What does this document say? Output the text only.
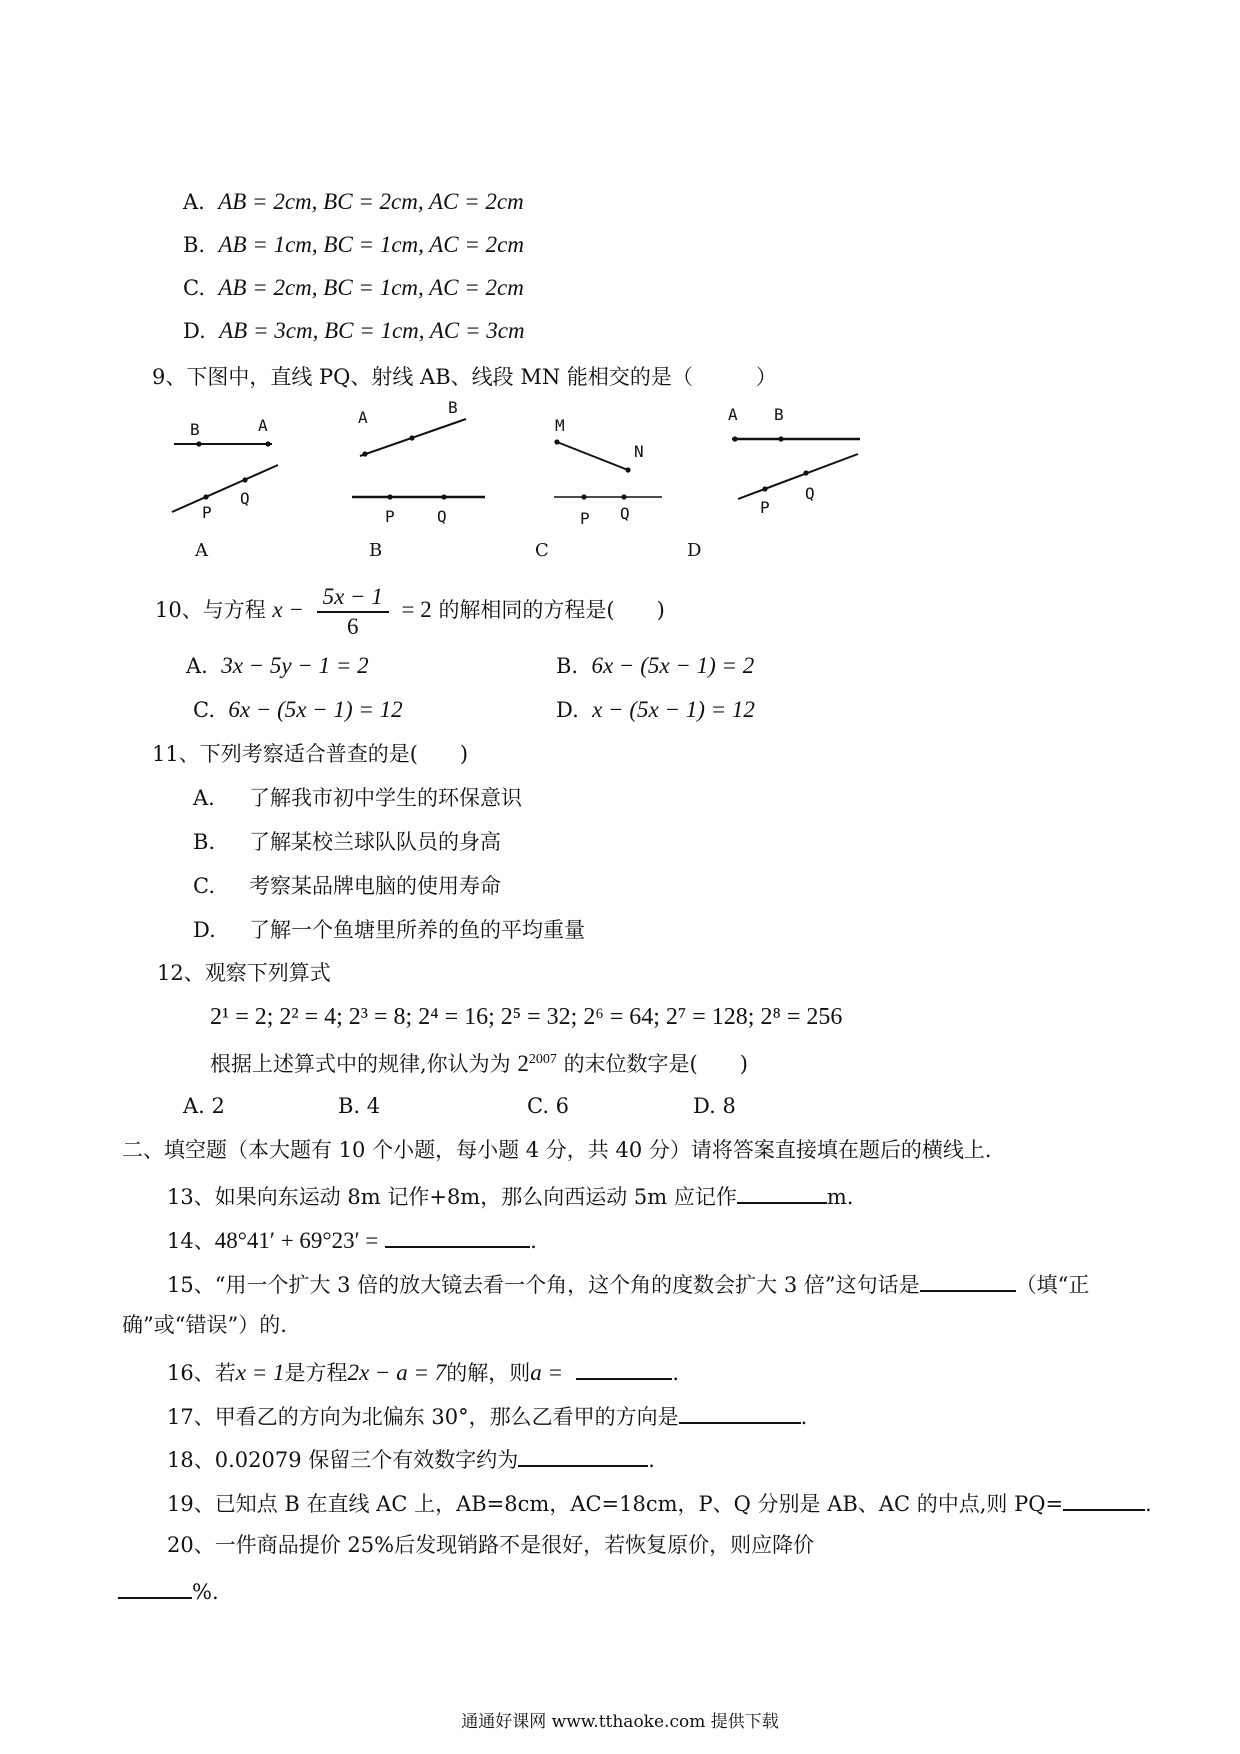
A. AB = 2cm, BC = 2cm, AC = 2cm
B. AB = 1cm, BC = 1cm, AC = 2cm
C. AB = 2cm, BC = 1cm, AC = 2cm
D. AB = 3cm, BC = 1cm, AC = 3cm
9、下图中，直线 PQ、射线 AB、线段 MN 能相交的是（　　　）
B	A
P
Q
A
A
B
P	Q
B
M
N
P Q
C
A B
P
Q
D
10、与方程 $x - \frac{5x - 1}{6} = 2$ 的解相同的方程是(　　)
A. 3x − 5y − 1 = 2	B. 6x − (5x − 1) = 2
C. 6x − (5x − 1) = 12	D. x − (5x − 1) = 12
11、下列考察适合普查的是(　　)
A. 了解我市初中学生的环保意识
B. 了解某校兰球队队员的身高
C. 考察某品牌电脑的使用寿命
D. 了解一个鱼塘里所养的鱼的平均重量
12、观察下列算式
2¹ = 2; 2² = 4; 2³ = 8; 2⁴ = 16; 2⁵ = 32; 2⁶ = 64; 2⁷ = 128; 2⁸ = 256
根据上述算式中的规律,你认为为 $2^{2007}$ 的末位数字是(　　)
A. 2	B. 4	C. 6	D. 8
二、填空题（本大题有 10 个小题，每小题 4 分，共 40 分）请将答案直接填在题后的横线上.
13、如果向东运动 8m 记作+8m，那么向西运动 5m 应记作	m.
14、48°41′ + 69°23′ =	.
15、“用一个扩大 3 倍的放大镜去看一个角，这个角的度数会扩大 3 倍”这句话是	（填“正
确”或“错误”）的.
16、若x = 1是方程2x − a = 7的解，则a =	.
17、甲看乙的方向为北偏东 30°，那么乙看甲的方向是	.
18、0.02079 保留三个有效数字约为	.
19、已知点 B 在直线 AC 上，AB=8cm，AC=18cm，P、Q 分别是 AB、AC 的中点,则 PQ=	.
20、一件商品提价 25%后发现销路不是很好，若恢复原价，则应降价
%.
通通好课网 www.tthaoke.com 提供下载
